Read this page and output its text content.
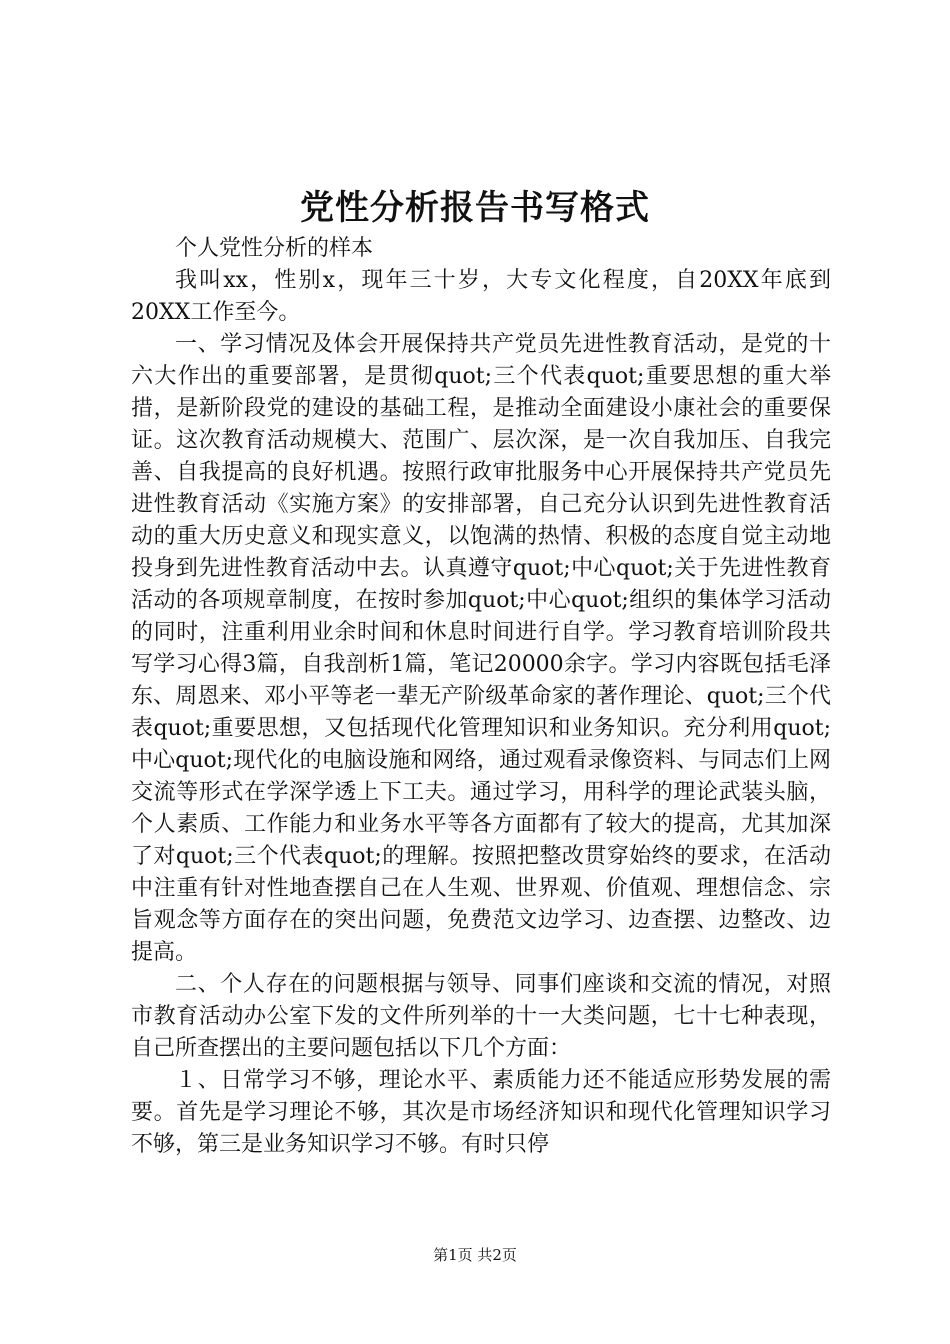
党性分析报告书写格式

个人党性分析的样本

我叫xx，性别x，现年三十岁，大专文化程度，自20XX年底到20XX工作至今。

一、学习情况及体会开展保持共产党员先进性教育活动，是党的十六大作出的重要部署，是贯彻quot;三个代表quot;重要思想的重大举措，是新阶段党的建设的基础工程，是推动全面建设小康社会的重要保证。这次教育活动规模大、范围广、层次深，是一次自我加压、自我完善、自我提高的良好机遇。按照行政审批服务中心开展保持共产党员先进性教育活动《实施方案》的安排部署，自己充分认识到先进性教育活动的重大历史意义和现实意义，以饱满的热情、积极的态度自觉主动地投身到先进性教育活动中去。认真遵守quot;中心quot;关于先进性教育活动的各项规章制度，在按时参加quot;中心quot;组织的集体学习活动的同时，注重利用业余时间和休息时间进行自学。学习教育培训阶段共写学习心得3篇，自我剖析1篇，笔记20000余字。学习内容既包括毛泽东、周恩来、邓小平等老一辈无产阶级革命家的著作理论、quot;三个代表quot;重要思想，又包括现代化管理知识和业务知识。充分利用quot;中心quot;现代化的电脑设施和网络，通过观看录像资料、与同志们上网交流等形式在学深学透上下工夫。通过学习，用科学的理论武装头脑，个人素质、工作能力和业务水平等各方面都有了较大的提高，尤其加深了对quot;三个代表quot;的理解。按照把整改贯穿始终的要求，在活动中注重有针对性地查摆自己在人生观、世界观、价值观、理想信念、宗旨观念等方面存在的突出问题，免费范文边学习、边查摆、边整改、边提高。

二、个人存在的问题根据与领导、同事们座谈和交流的情况，对照市教育活动办公室下发的文件所列举的十一大类问题，七十七种表现，自己所查摆出的主要问题包括以下几个方面：

１、日常学习不够，理论水平、素质能力还不能适应形势发展的需要。首先是学习理论不够，其次是市场经济知识和现代化管理知识学习不够，第三是业务知识学习不够。有时只停

第1页 共2页
